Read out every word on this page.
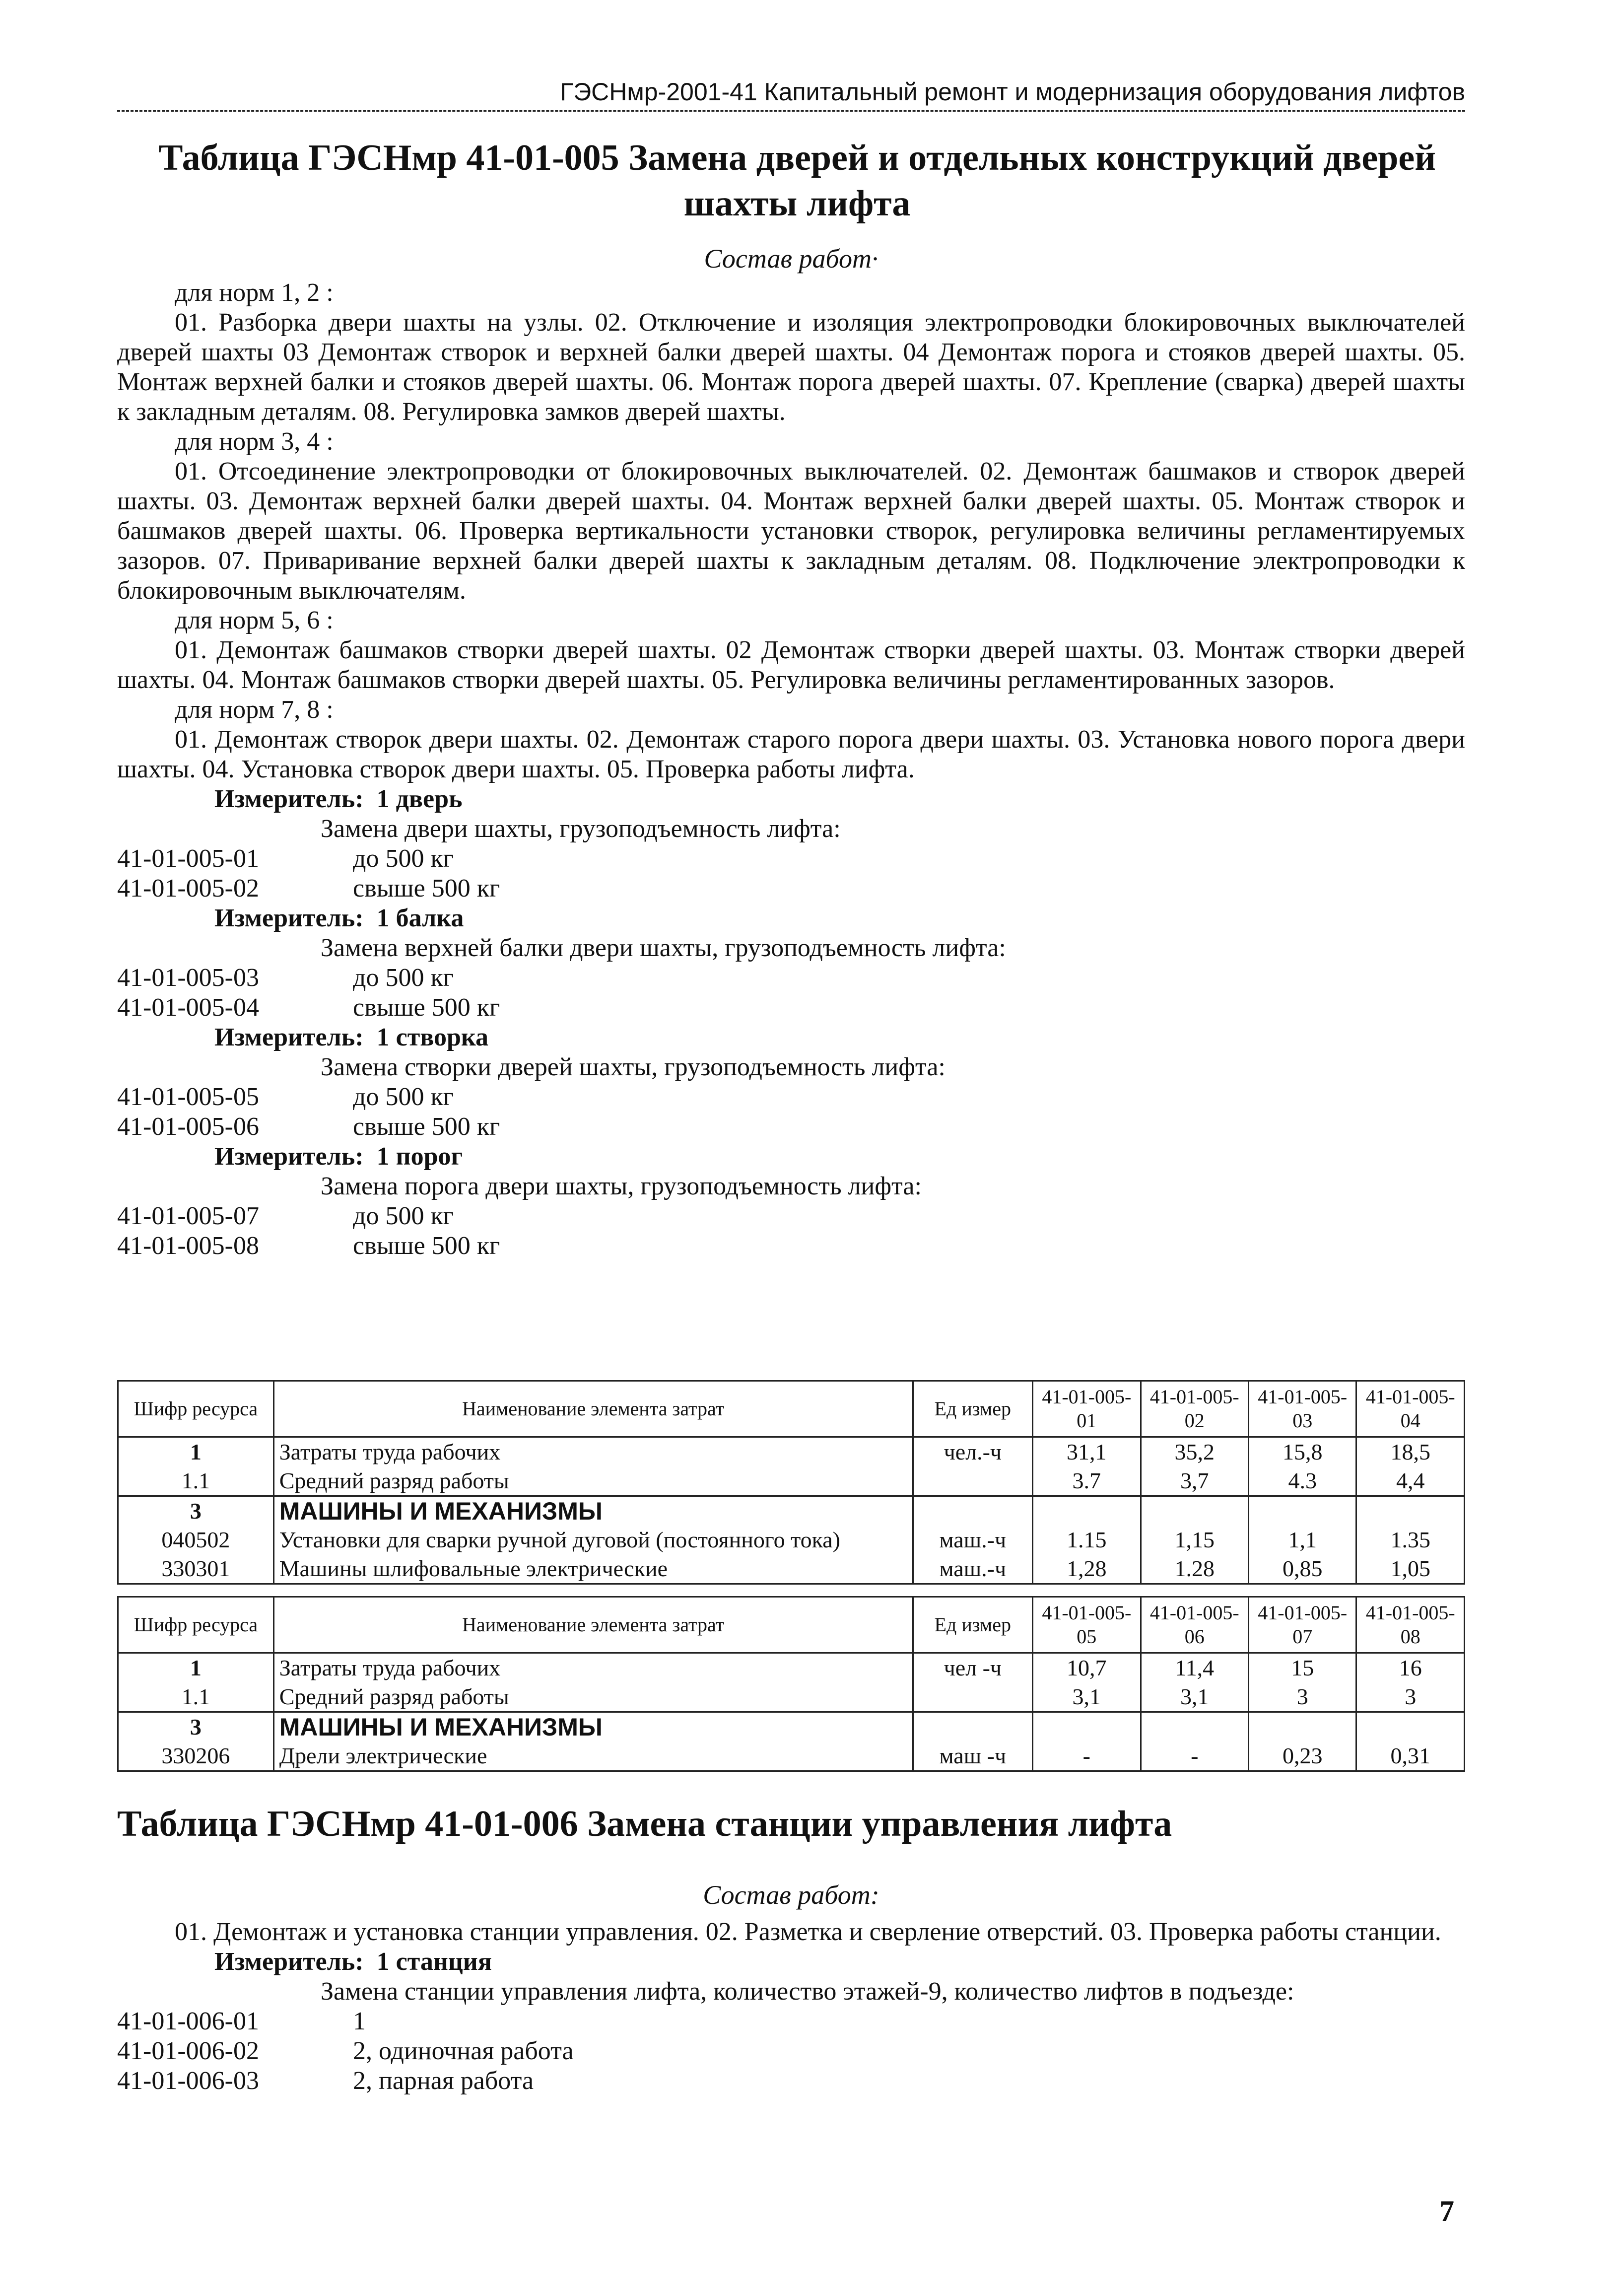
ГЭСНмр-2001-41 Капитальный ремонт и модернизация оборудования лифтов
Таблица ГЭСНмр 41-01-005 Замена дверей и отдельных конструкций дверей шахты лифта
Состав работ·

для норм 1, 2 :

01. Разборка двери шахты на узлы. 02. Отключение и изоляция электропроводки блокировочных выключателей дверей шахты 03 Демонтаж створок и верхней балки дверей шахты. 04 Демонтаж порога и стояков дверей шахты. 05. Монтаж верхней балки и стояков дверей шахты. 06. Монтаж порога дверей шахты. 07. Крепление (сварка) дверей шахты к закладным деталям. 08. Регулировка замков дверей шахты.

для норм 3, 4 :

01. Отсоединение электропроводки от блокировочных выключателей. 02. Демонтаж башмаков и створок дверей шахты. 03. Демонтаж верхней балки дверей шахты. 04. Монтаж верхней балки дверей шахты. 05. Монтаж створок и башмаков дверей шахты. 06. Проверка вертикальности установки створок, регулировка величины регламентируемых зазоров. 07. Приваривание верхней балки дверей шахты к закладным деталям. 08. Подключение электропроводки к блокировочным выключателям.

для норм 5, 6 :

01. Демонтаж башмаков створки дверей шахты. 02 Демонтаж створки дверей шахты. 03. Монтаж створки дверей шахты. 04. Монтаж башмаков створки дверей шахты. 05. Регулировка величины регламентированных зазоров.

для норм 7, 8 :

01. Демонтаж створок двери шахты. 02. Демонтаж старого порога двери шахты. 03. Установка нового порога двери шахты. 04. Установка створок двери шахты. 05. Проверка работы лифта.

Измеритель: 1 дверь

Замена двери шахты, грузоподъемность лифта:

41-01-005-01	до 500 кг
41-01-005-02	свыше 500 кг

Измеритель: 1 балка

Замена верхней балки двери шахты, грузоподъемность лифта:

41-01-005-03	до 500 кг
41-01-005-04	свыше 500 кг

Измеритель: 1 створка

Замена створки дверей шахты, грузоподъемность лифта:

41-01-005-05	до 500 кг
41-01-005-06	свыше 500 кг

Измеритель: 1 порог

Замена порога двери шахты, грузоподъемность лифта:

41-01-005-07	до 500 кг
41-01-005-08	свыше 500 кг
Шифр ресурса	Наименование элемента затрат	Ед измер	41-01-005-01	41-01-005-02	41-01-005-03	41-01-005-04
1	Затраты труда рабочих	чел.-ч	31,1	35,2	15,8	18,5
1.1	Средний разряд работы		3.7	3,7	4.3	4,4
3	МАШИНЫ И МЕХАНИЗМЫ					
040502	Установки для сварки ручной дуговой (постоянного тока)	маш.-ч	1.15	1,15	1,1	1.35
330301	Машины шлифовальные электрические	маш.-ч	1,28	1.28	0,85	1,05
Шифр ресурса	Наименование элемента затрат	Ед измер	41-01-005-05	41-01-005-06	41-01-005-07	41-01-005-08
1	Затраты труда рабочих	чел -ч	10,7	11,4	15	16
1.1	Средний разряд работы		3,1	3,1	3	3
3	МАШИНЫ И МЕХАНИЗМЫ					
330206	Дрели электрические	маш -ч	-	-	0,23	0,31
Таблица ГЭСНмр 41-01-006 Замена станции управления лифта
Состав работ:

01. Демонтаж и установка станции управления. 02. Разметка и сверление отверстий. 03. Проверка работы станции.

Измеритель: 1 станция

Замена станции управления лифта, количество этажей-9, количество лифтов в подъезде:

41-01-006-01	1
41-01-006-02	2, одиночная работа
41-01-006-03	2, парная работа
7
